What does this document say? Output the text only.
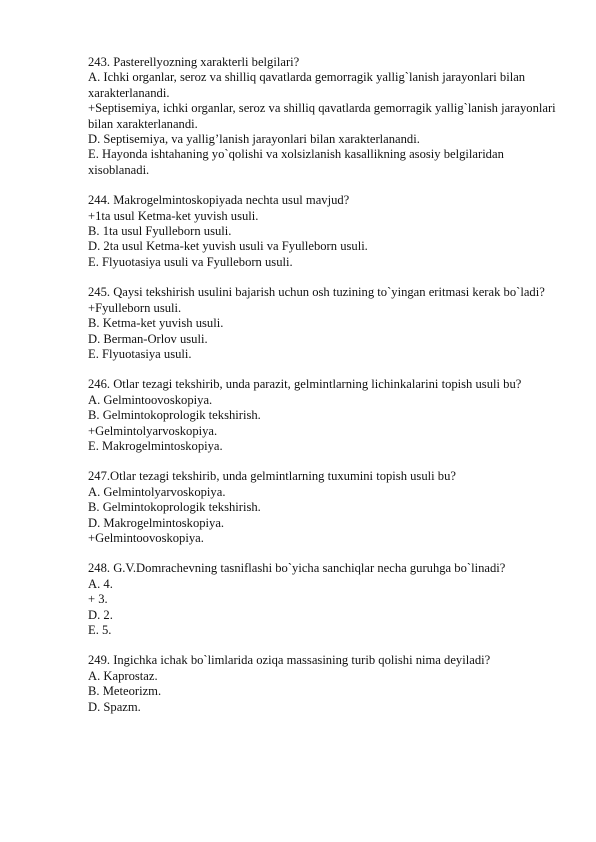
243. Pasterellyozning xarakterli belgilari?
A. Ichki organlar, seroz va shilliq qavatlarda gemorragik yallig`lanish jarayonlari bilan xarakterlanandi.
+Septisemiya, ichki organlar, seroz va shilliq qavatlarda gemorragik yallig`lanish jarayonlari bilan xarakterlanandi.
D. Septisemiya, va yallig’lanish jarayonlari bilan xarakterlanandi.
E. Hayonda ishtahaning yo`qolishi va xolsizlanish kasallikning asosiy belgilaridan xisoblanadi.
244. Makrogelmintoskopiyada nechta usul mavjud?
+1ta usul Ketma-ket yuvish usuli.
B. 1ta usul Fyulleborn usuli.
D. 2ta usul Ketma-ket yuvish usuli va Fyulleborn usuli.
E. Flyuotasiya usuli va Fyulleborn usuli.
245. Qaysi tekshirish usulini bajarish uchun osh tuzining to`yingan eritmasi kerak bo`ladi?
+Fyulleborn usuli.
B. Ketma-ket yuvish usuli.
D. Berman-Orlov usuli.
E. Flyuotasiya usuli.
246. Otlar tezagi tekshirib, unda parazit, gelmintlarning lichinkalarini topish usuli bu?
A. Gelmintoovoskopiya.
B. Gelmintokoprologik tekshirish.
+Gelmintolyarvoskopiya.
E. Makrogelmintoskopiya.
247.Otlar tezagi tekshirib, unda gelmintlarning tuxumini topish usuli bu?
A. Gelmintolyarvoskopiya.
B. Gelmintokoprologik tekshirish.
D. Makrogelmintoskopiya.
+Gelmintoovoskopiya.
248. G.V.Domrachevning tasniflashi bo`yicha sanchiqlar necha guruhga bo`linadi?
A. 4.
+ 3.
D. 2.
E. 5.
249. Ingichka ichak bo`limlarida oziqa massasining turib qolishi nima deyiladi?
A. Kaprostaz.
B. Meteorizm.
D. Spazm.
